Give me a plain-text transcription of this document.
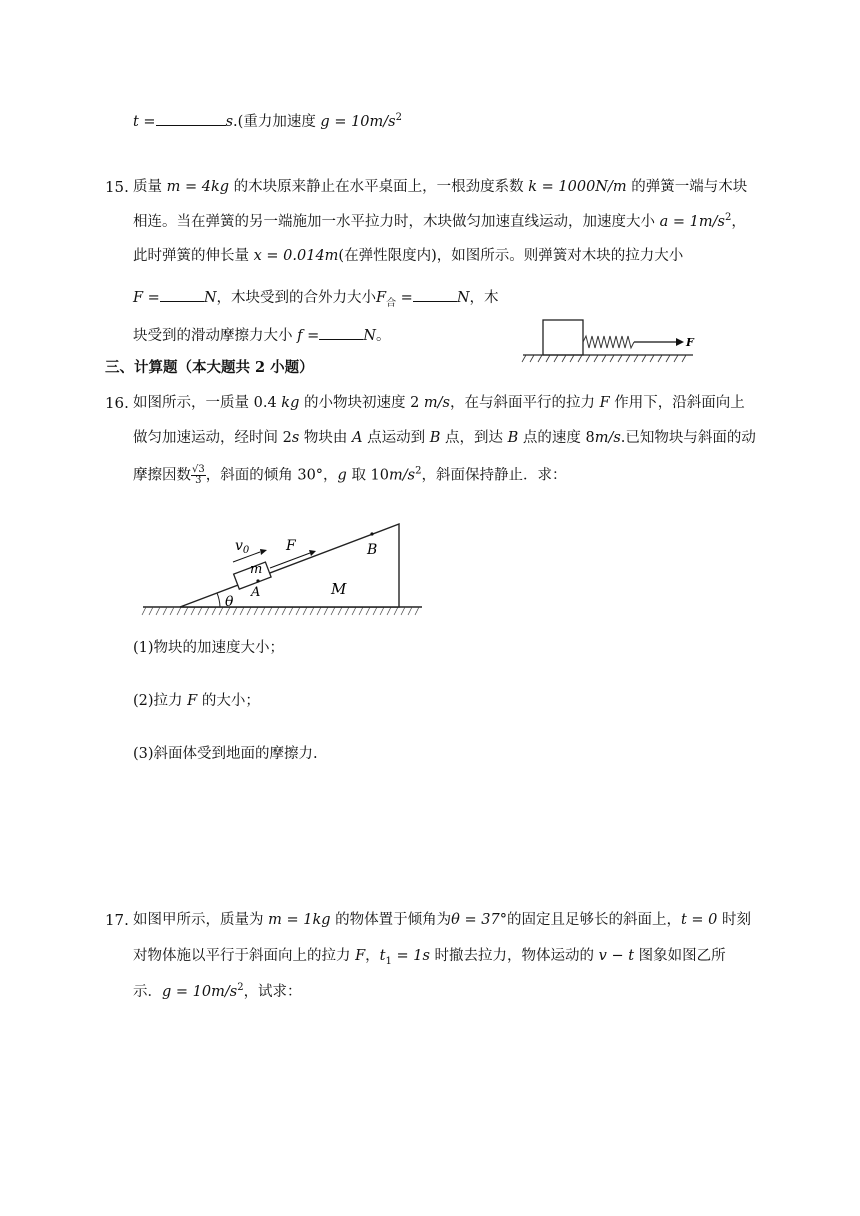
t =	s.(重力加速度 $g = 10m/s^2$
15. 质量 m = 4kg 的木块原来静止在水平桌面上，一根劲度系数 k = 1000N/m 的弹簧一端与木块
相连。当在弹簧的另一端施加一水平拉力时，木块做匀加速直线运动，加速度大小 $a = 1m/s^2$，
此时弹簧的伸长量 x = 0.014m(在弹性限度内)，如图所示。则弹簧对木块的拉力大小
F =	N，木块受到的合外力大小$F_合$ =	N，木
块受到的滑动摩擦力大小 f =	N。	F
三、计算题（本大题共 2 小题）
16. 如图所示，一质量 0.4 kg 的小物块初速度 2 m/s，在与斜面平行的拉力 F 作用下，沿斜面向上
做匀加速运动，经时间 2s 物块由 A 点运动到 B 点，到达 B 点的速度 8m/s.已知物块与斜面的动
摩擦因数 $\frac{√3}{3}$ ，斜面的倾角 30°，g 取 $10m/s^2$，斜面保持静止．求：
$v_0$	F
m
A
B
M
θ
(1)物块的加速度大小；
(2)拉力 F 的大小；
(3)斜面体受到地面的摩擦力.
17. 如图甲所示，质量为 m = 1kg 的物体置于倾角为θ = 37°的固定且足够长的斜面上，t = 0 时刻
对物体施以平行于斜面向上的拉力 F，$t_1 = 1s$ 时撤去拉力，物体运动的 v − t 图象如图乙所
示．$g = 10m/s^2$，试求：
